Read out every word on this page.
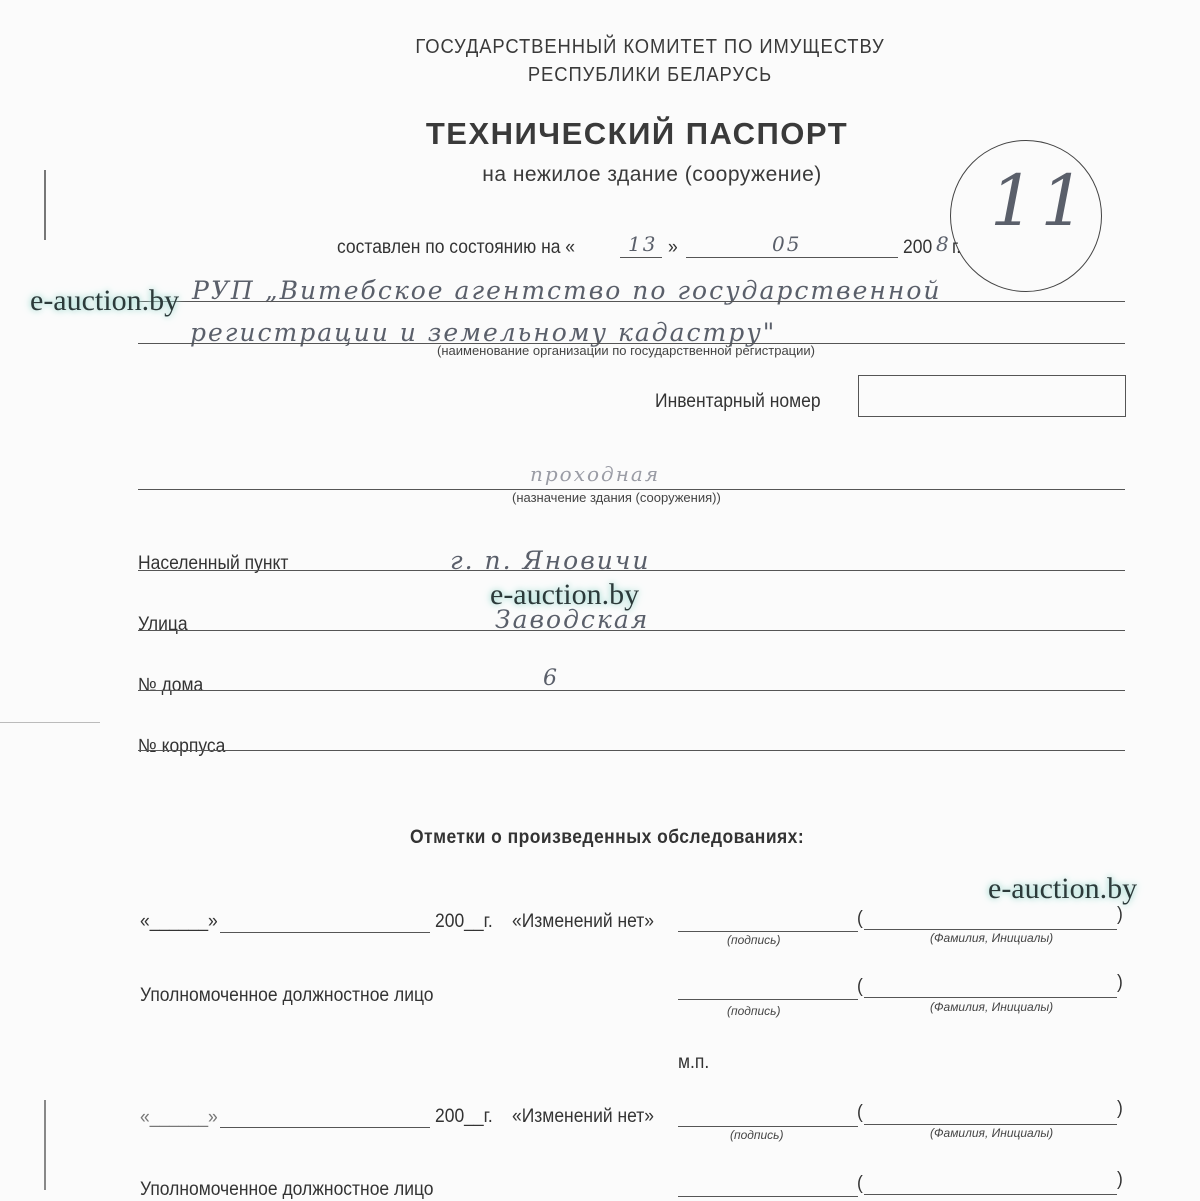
ГОСУДАРСТВЕННЫЙ КОМИТЕТ ПО ИМУЩЕСТВУ
РЕСПУБЛИКИ БЕЛАРУСЬ
ТЕХНИЧЕСКИЙ ПАСПОРТ
на нежилое здание (сооружение)	11
составлен по состоянию на «	13 »	05	200 8 г.
РУП „Витебское агентство по государственной
регистрации и земельному кадастру"
(наименование организации по государственной регистрации)
Инвентарный номер
проходная
(назначение здания (сооружения))
Населенный пункт	г. п. Яновичи
Улица	Заводская
№ дома	6
№ корпуса
Отметки о произведенных обследованиях:
«______»	200__г. «Изменений нет»	(	)
(подпись)	(Фамилия, Инициалы)
Уполномоченное должностное лицо	(	)
(подпись)	(Фамилия, Инициалы)
м.п.
«______»	200__г. «Изменений нет»	(	)
(подпись)	(Фамилия, Инициалы)
Уполномоченное должностное лицо	(	)
e-auction.by
e-auction.by
e-auction.by
